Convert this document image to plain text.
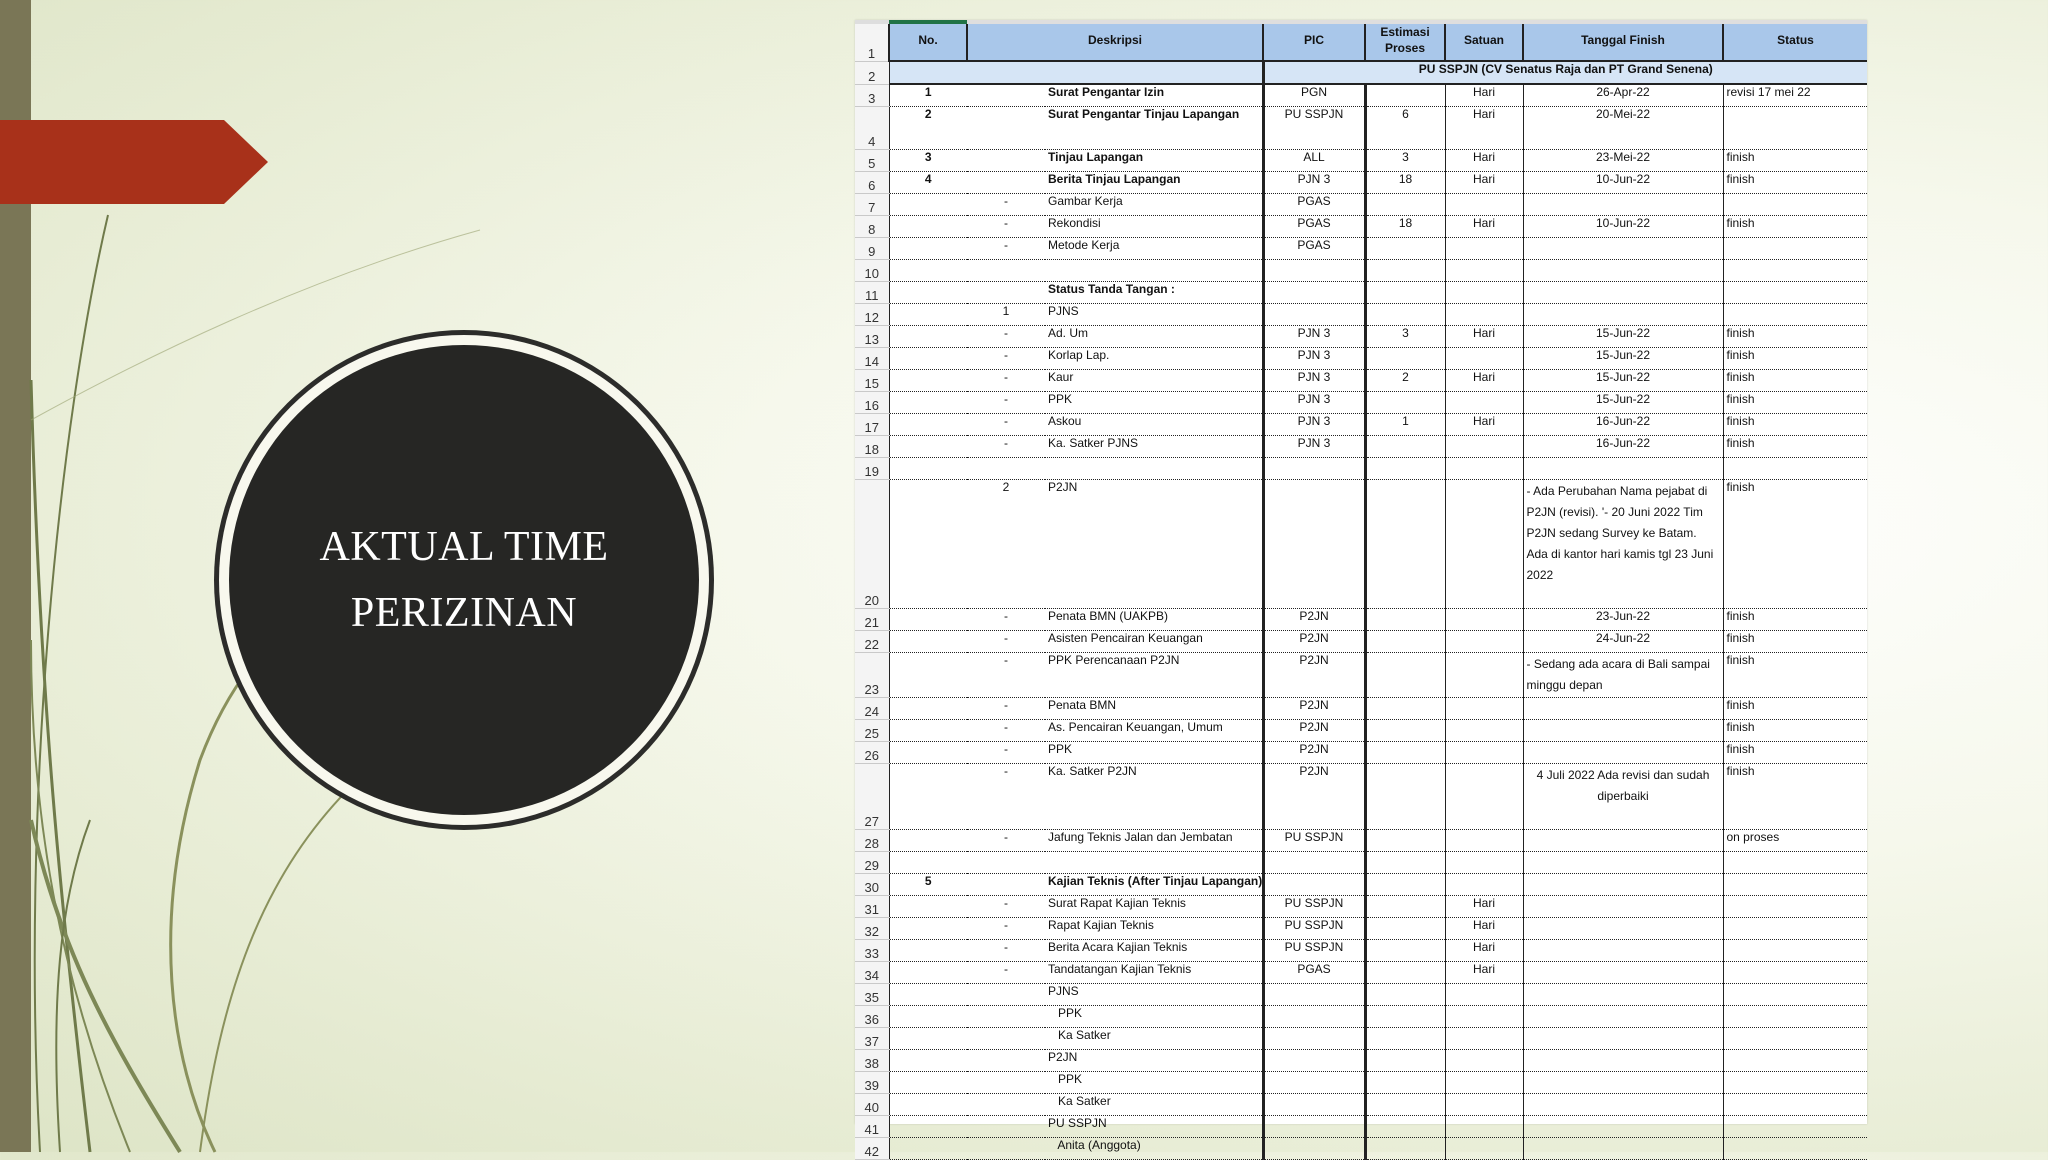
AKTUAL TIME
PERIZINAN
1	No.	Deskripsi		PIC	Estimasi Proses	Satuan	Tanggal Finish	Status
2				PU SSPJN (CV Senatus Raja dan PT Grand Senena)				
3	1		Surat Pengantar Izin	PGN		Hari	26-Apr-22	revisi 17 mei 22
4	2		Surat Pengantar Tinjau Lapangan	PU SSPJN	6	Hari	20-Mei-22	
5	3		Tinjau Lapangan	ALL	3	Hari	23-Mei-22	finish
6	4		Berita Tinjau Lapangan	PJN 3	18	Hari	10-Jun-22	finish
7		-	Gambar Kerja	PGAS				
8		-	Rekondisi	PGAS	18	Hari	10-Jun-22	finish
9		-	Metode Kerja	PGAS				
10								
11			Status Tanda Tangan :					
12		1	PJNS					
13		-	Ad. Um	PJN 3	3	Hari	15-Jun-22	finish
14		-	Korlap Lap.	PJN 3			15-Jun-22	finish
15		-	Kaur	PJN 3	2	Hari	15-Jun-22	finish
16		-	PPK	PJN 3			15-Jun-22	finish
17		-	Askou	PJN 3	1	Hari	16-Jun-22	finish
18		-	Ka. Satker PJNS	PJN 3			16-Jun-22	finish
19								
20		2	P2JN				- Ada Perubahan Nama pejabat di P2JN (revisi). '- 20 Juni 2022 Tim P2JN sedang Survey ke Batam. Ada di kantor hari kamis tgl 23 Juni 2022	finish
21		-	Penata BMN (UAKPB)	P2JN			23-Jun-22	finish
22		-	Asisten Pencairan Keuangan	P2JN			24-Jun-22	finish
23		-	PPK Perencanaan P2JN	P2JN			- Sedang ada acara di Bali sampai minggu depan	finish
24		-	Penata BMN	P2JN				finish
25		-	As. Pencairan Keuangan, Umum	P2JN				finish
26		-	PPK	P2JN				finish
27		-	Ka. Satker P2JN	P2JN			4 Juli 2022 Ada revisi dan sudah diperbaiki	finish
28		-	Jafung Teknis Jalan dan Jembatan	PU SSPJN				on proses
29								
30	5		Kajian Teknis (After Tinjau Lapangan)					
31		-	Surat Rapat Kajian Teknis	PU SSPJN		Hari		
32		-	Rapat Kajian Teknis	PU SSPJN		Hari		
33		-	Berita Acara Kajian Teknis	PU SSPJN		Hari		
34		-	Tandatangan Kajian Teknis	PGAS		Hari		
35			PJNS					
36			PPK					
37			Ka Satker					
38			P2JN					
39			PPK					
40			Ka Satker					
41			PU SSPJN					
42			Anita (Anggota)					
